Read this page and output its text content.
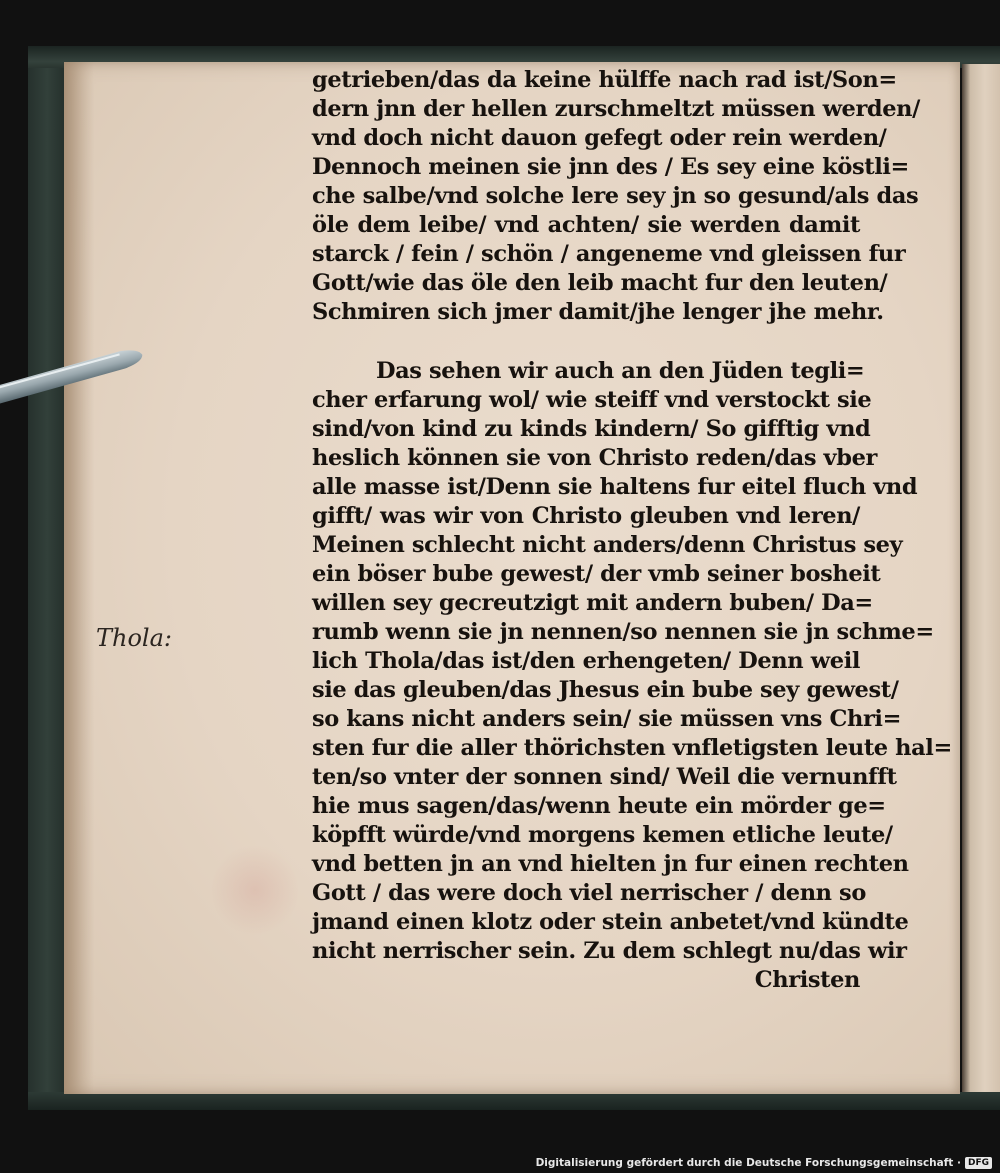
Thola:
getrieben/das da keine hülffe nach rad ist/Son=
dern jnn der hellen zurschmeltzt müssen werden/
vnd doch nicht dauon gefegt oder rein werden/
Dennoch meinen sie jnn des / Es sey eine köstli=
che salbe/vnd solche lere sey jn so gesund/als das
öle dem leibe/ vnd achten/ sie werden damit
starck / fein / schön / angeneme vnd gleissen fur
Gott/wie das öle den leib macht fur den leuten/
Schmiren sich jmer damit/jhe lenger jhe mehr.
Das sehen wir auch an den Jüden tegli=
cher erfarung wol/ wie steiff vnd verstockt sie
sind/von kind zu kinds kindern/ So gifftig vnd
heslich können sie von Christo reden/das vber
alle masse ist/Denn sie haltens fur eitel fluch vnd
gifft/ was wir von Christo gleuben vnd leren/
Meinen schlecht nicht anders/denn Christus sey
ein böser bube gewest/ der vmb seiner bosheit
willen sey gecreutzigt mit andern buben/ Da=
rumb wenn sie jn nennen/so nennen sie jn schme=
lich Thola/das ist/den erhengeten/ Denn weil
sie das gleuben/das Jhesus ein bube sey gewest/
so kans nicht anders sein/ sie müssen vns Chri=
sten fur die aller thörichsten vnfletigsten leute hal=
ten/so vnter der sonnen sind/ Weil die vernunfft
hie mus sagen/das/wenn heute ein mörder ge=
köpfft würde/vnd morgens kemen etliche leute/
vnd betten jn an vnd hielten jn fur einen rechten
Gott / das were doch viel nerrischer / denn so
jmand einen klotz oder stein anbetet/vnd kündte
nicht nerrischer sein. Zu dem schlegt nu/das wir
Christen
Digitalisierung gefördert durch die Deutsche Forschungsgemeinschaft · DFG
